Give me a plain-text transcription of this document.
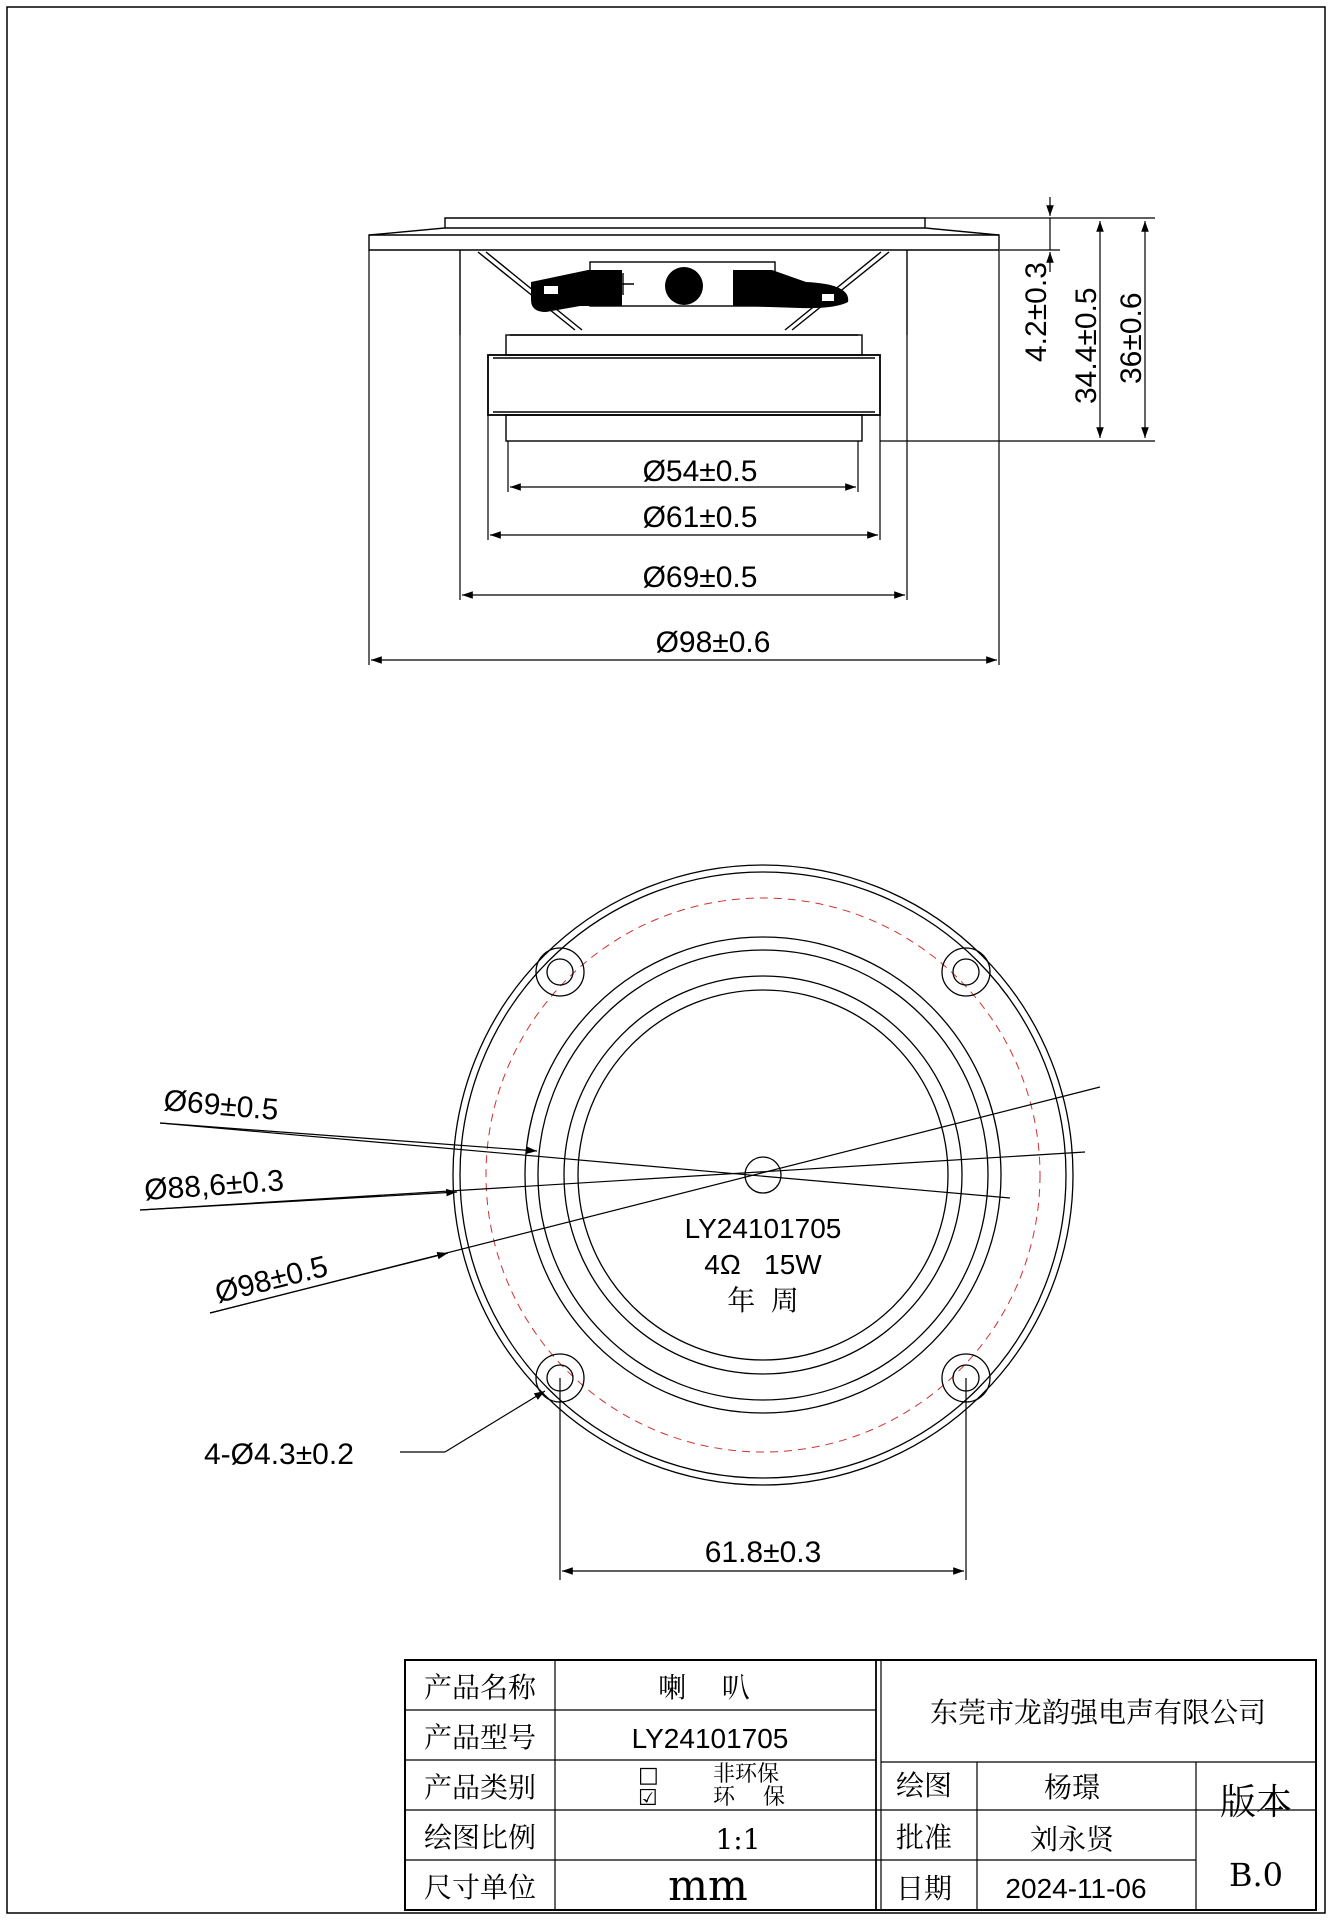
4.2±0.3 34.4±0.5 36±0.6
Ø54±0.5
Ø61±0.5
Ø69±0.5
Ø98±0.6
Ø69±0.5
Ø88,6±0.3
Ø98±0.5
4-Ø4.3±0.2
61.8±0.3
LY24101705
4Ω   15W
年  周
产品名称
产品型号
产品类别
绘图比例
尺寸单位
喇    叭
LY24101705
□
☑
非环保
环    保
1:1
mm
东莞市龙韵强电声有限公司
绘图	杨璟
批准	刘永贤
日期 2024-11-06
版本
B.0
